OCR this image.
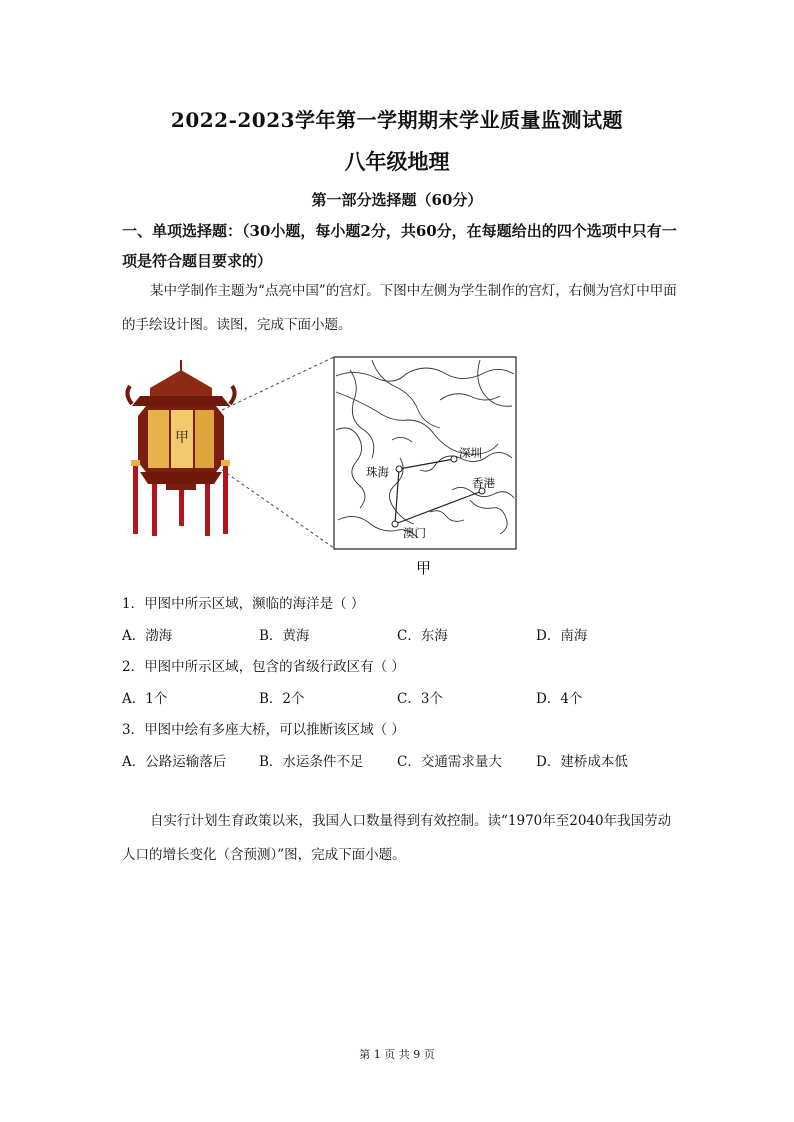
2022-2023学年第一学期期末学业质量监测试题
八年级地理
第一部分选择题（60分）
一、单项选择题：（30小题，每小题2分，共60分，在每题给出的四个选项中只有一项是符合题目要求的）
某中学制作主题为“点亮中国”的宫灯。下图中左侧为学生制作的宫灯，右侧为宫灯中甲面的手绘设计图。读图，完成下面小题。
甲
珠海
深圳
香港
澳门
甲
1．甲图中所示区域，濒临的海洋是（ ）
A．渤海	B．黄海	C．东海	D．南海
2．甲图中所示区域，包含的省级行政区有（ ）
A．1个	B．2个	C．3个	D．4个
3．甲图中绘有多座大桥，可以推断该区域（ ）
A．公路运输落后 B．水运条件不足 C．交通需求量大	D．建桥成本低
自实行计划生育政策以来，我国人口数量得到有效控制。读“1970年至2040年我国劳动人口的增长变化（含预测）”图，完成下面小题。
第 1 页 共 9 页
